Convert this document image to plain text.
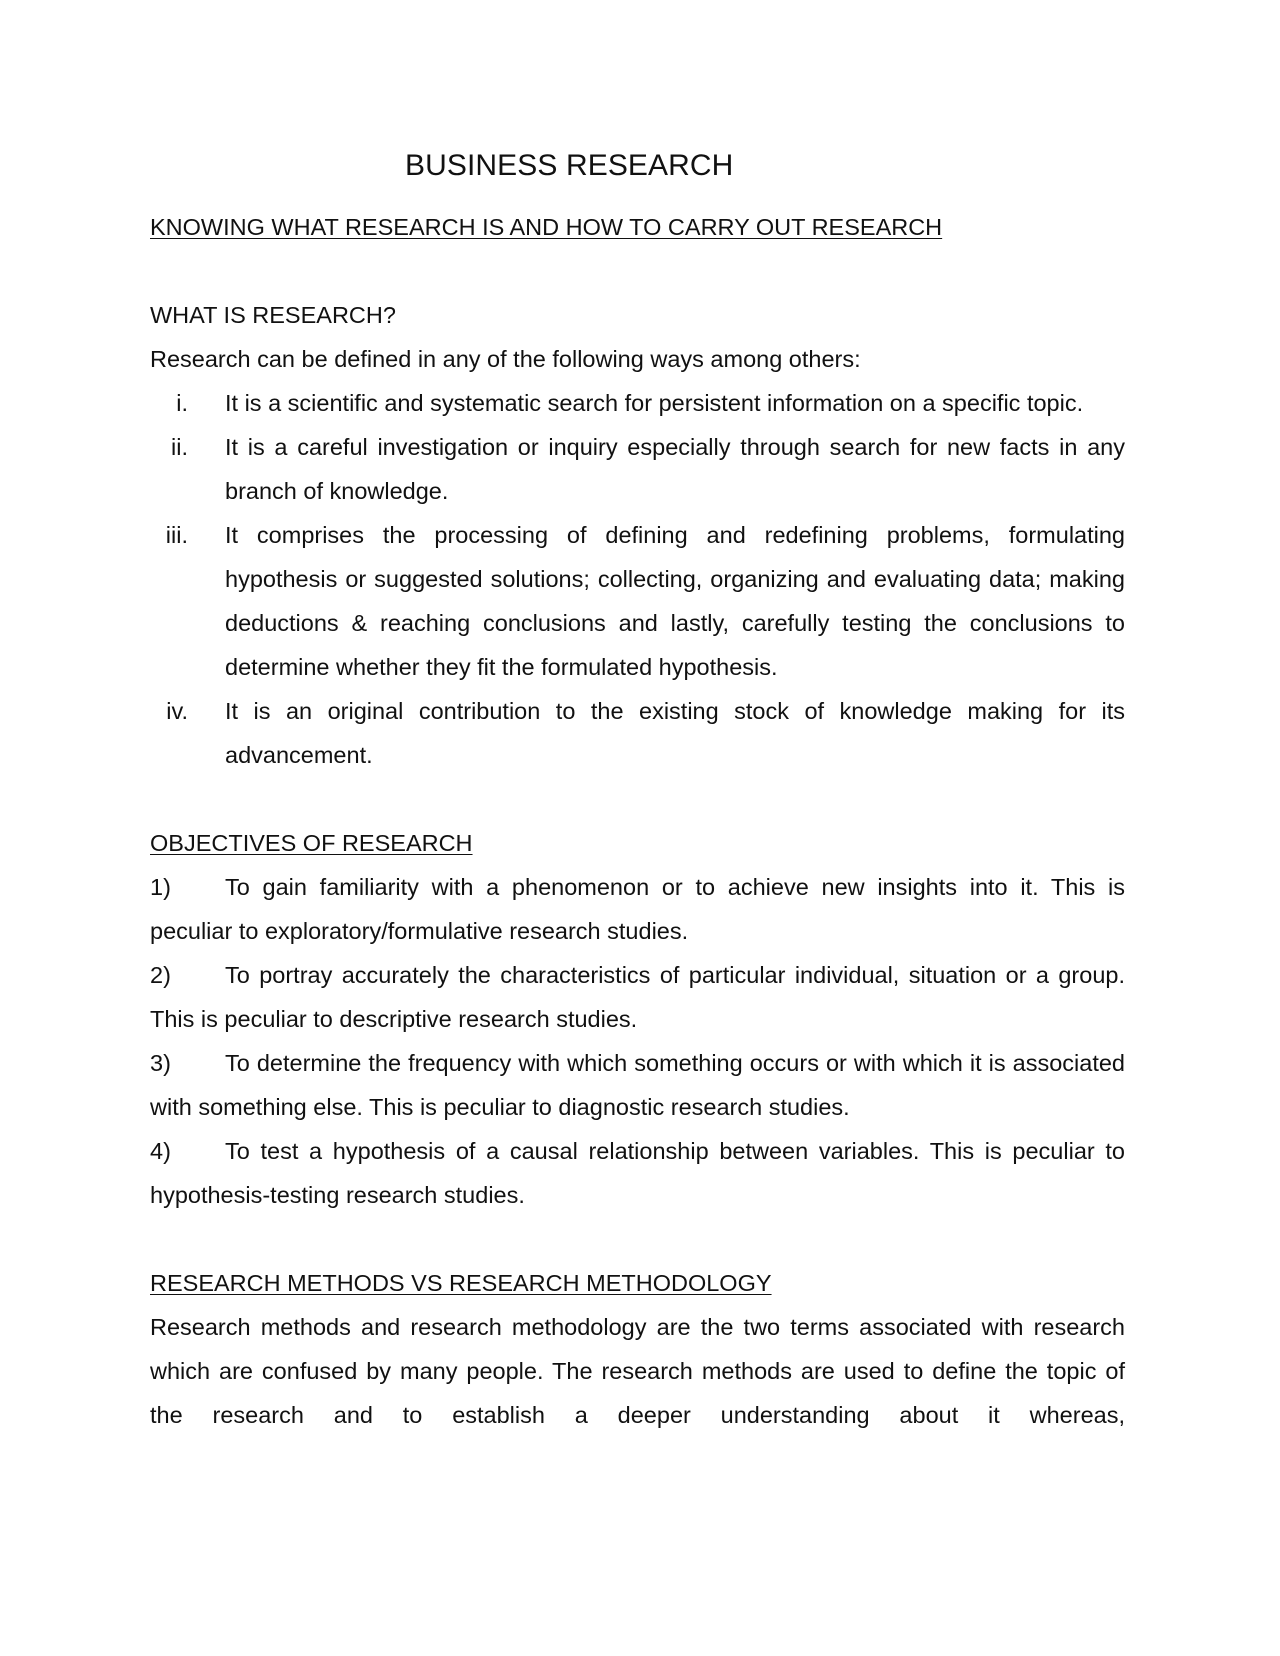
BUSINESS RESEARCH

KNOWING WHAT RESEARCH IS AND HOW TO CARRY OUT RESEARCH

WHAT IS RESEARCH?

Research can be defined in any of the following ways among others:

i. It is a scientific and systematic search for persistent information on a specific topic.
ii. It is a careful investigation or inquiry especially through search for new facts in any branch of knowledge.
iii. It comprises the processing of defining and redefining problems, formulating hypothesis or suggested solutions; collecting, organizing and evaluating data; making deductions & reaching conclusions and lastly, carefully testing the conclusions to determine whether they fit the formulated hypothesis.
iv. It is an original contribution to the existing stock of knowledge making for its advancement.

OBJECTIVES OF RESEARCH

1) To gain familiarity with a phenomenon or to achieve new insights into it. This is peculiar to exploratory/formulative research studies.

2) To portray accurately the characteristics of particular individual, situation or a group. This is peculiar to descriptive research studies.

3) To determine the frequency with which something occurs or with which it is associated with something else. This is peculiar to diagnostic research studies.

4) To test a hypothesis of a causal relationship between variables. This is peculiar to hypothesis-testing research studies.

RESEARCH METHODS VS RESEARCH METHODOLOGY

Research methods and research methodology are the two terms associated with research which are confused by many people. The research methods are used to define the topic of the research and to establish a deeper understanding about it whereas,
